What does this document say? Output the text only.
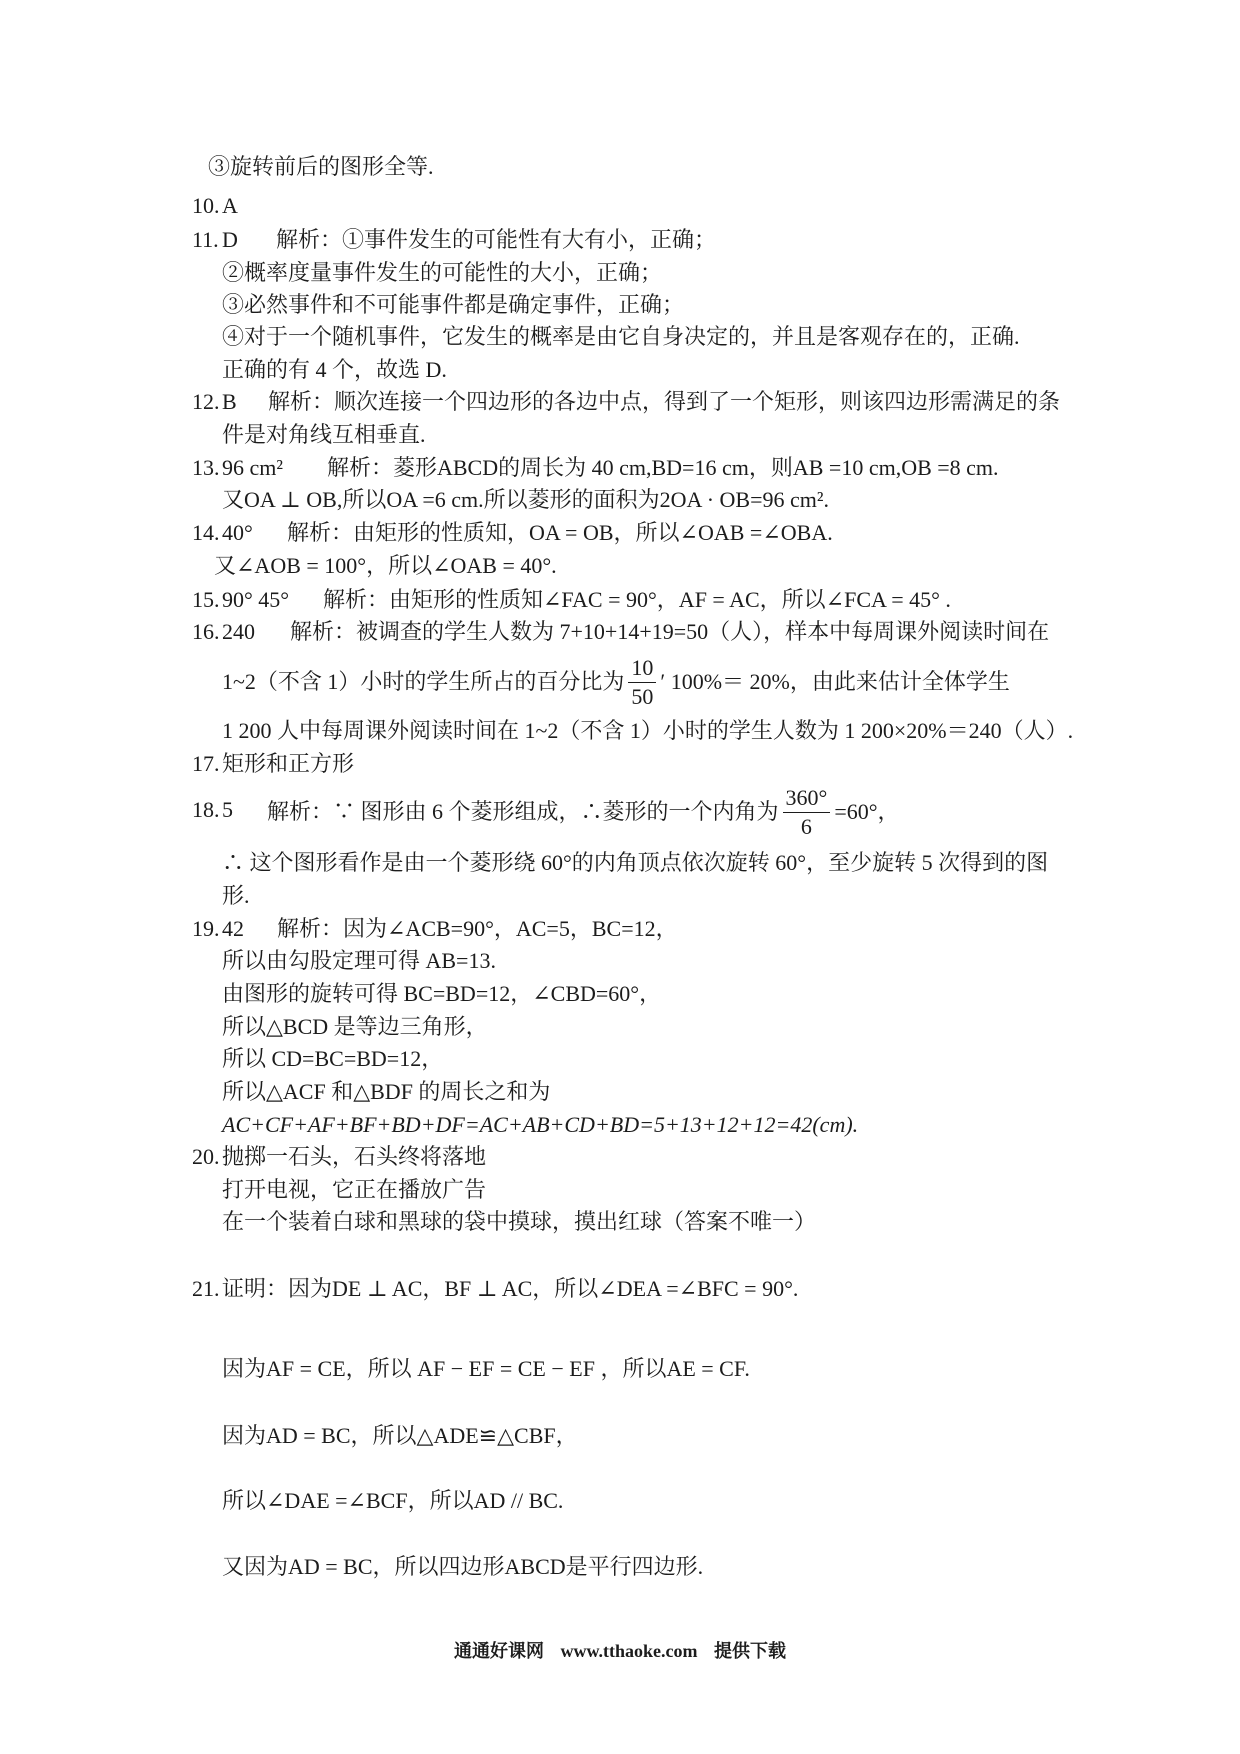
③旋转前后的图形全等.
10. A
11. D 解析：①事件发生的可能性有大有小，正确；
②概率度量事件发生的可能性的大小，正确；
③必然事件和不可能事件都是确定事件，正确；
④对于一个随机事件，它发生的概率是由它自身决定的，并且是客观存在的，正确.
正确的有 4 个，故选 D.
12. B 解析：顺次连接一个四边形的各边中点，得到了一个矩形，则该四边形需满足的条
件是对角线互相垂直.
13. 96 cm² 解析：菱形ABCD的周长为 40 cm,BD=16 cm，则AB =10 cm,OB =8 cm.
又OA ⊥ OB,所以OA =6 cm.所以菱形的面积为2OA · OB=96 cm².
14. 40° 解析：由矩形的性质知，OA = OB，所以∠OAB =∠OBA.
又∠AOB = 100°，所以∠OAB = 40°.
15. 90° 45° 解析：由矩形的性质知∠FAC = 90°，AF = AC，所以∠FCA = 45° .
16. 240 解析：被调查的学生人数为 7+10+14+19=50（人），样本中每周课外阅读时间在
1~2（不含 1）小时的学生所占的百分比为 $\frac{10}{50}$ ′ 100%＝ 20%，由此来估计全体学生
1 200 人中每周课外阅读时间在 1~2（不含 1）小时的学生人数为 1 200×20%＝240（人）.
17. 矩形和正方形
18. 5 解析：∵ 图形由 6 个菱形组成，∴菱形的一个内角为 $\frac{360^\circ}{6} =60^\circ$，
∴ 这个图形看作是由一个菱形绕 60°的内角顶点依次旋转 60°，至少旋转 5 次得到的图
形.
19. 42 解析：因为∠ACB=90°，AC=5，BC=12，
所以由勾股定理可得 AB=13.
由图形的旋转可得 BC=BD=12，∠CBD=60°，
所以△BCD 是等边三角形，
所以 CD=BC=BD=12，
所以△ACF 和△BDF 的周长之和为
AC+CF+AF+BF+BD+DF=AC+AB+CD+BD=5+13+12+12=42(cm).
20. 抛掷一石头，石头终将落地
打开电视，它正在播放广告
在一个装着白球和黑球的袋中摸球，摸出红球（答案不唯一）
21. 证明：因为DE ⊥ AC，BF ⊥ AC，所以∠DEA =∠BFC = 90°.
因为AF = CE，所以 AF − EF = CE − EF ，所以AE = CF.
因为AD = BC，所以△ADE≌△CBF，
所以∠DAE =∠BCF，所以AD // BC.
又因为AD = BC，所以四边形ABCD是平行四边形.
通通好课网 www.tthaoke.com 提供下载
